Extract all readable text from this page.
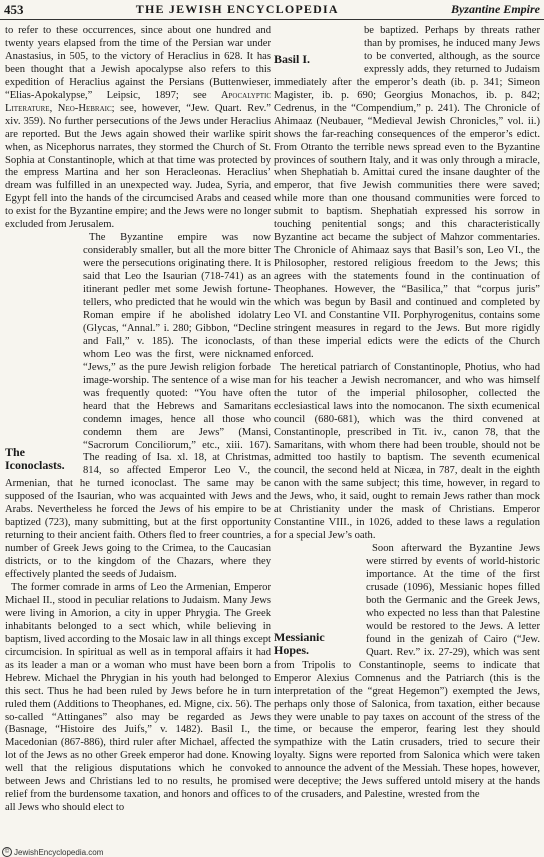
453	THE JEWISH ENCYCLOPEDIA	Byzantine Empire

to refer to these occurrences, since about one hundred and twenty years elapsed from the time of the Persian war under Anastasius, in 505, to the victory of Heraclius in 628. It has been thought that a Jewish apocalypse also refers to this expedition of Heraclius against the Persians (Buttenwieser, “Elias-Apokalypse,” Leipsic, 1897; see Apocalyptic Literature, Neo-Hebraic; see, however, “Jew. Quart. Rev.” xiv. 359). No further persecutions of the Jews under Heraclius are reported. But the Jews again showed their warlike spirit when, as Nicephorus narrates, they stormed the Church of St. Sophia at Constantinople, which at that time was protected by the empress Martina and her son Heracleonas. Heraclius’ dream was fulfilled in an unexpected way. Judea, Syria, and Egypt fell into the hands of the circumcised Arabs and ceased to exist for the Byzantine empire; and the Jews were no longer excluded from Jerusalem.

The Iconoclasts.
The Byzantine empire was now considerably smaller, but all the more bitter were the persecutions originating there. It is said that Leo the Isaurian (718-741) as an itinerant pedler met some Jewish fortune-tellers, who predicted that he would win the Roman empire if he abolished idolatry (Glycas, “Annal.” i. 280; Gibbon, “Decline and Fall,” v. 185). The iconoclasts, of whom Leo was the first, were nicknamed “Jews,” as the pure Jewish religion forbade image-worship. The sentence of a wise man was frequently quoted: “You have often heard that the Hebrews and Samaritans condemn images, hence all those who condemn them are Jews” (Mansi, “Sacrorum Conciliorum,” etc., xiii. 167). The reading of Isa. xl. 18, at Christmas, 814, so affected Emperor Leo V., the Armenian, that he turned iconoclast. The same may be supposed of the Isaurian, who was acquainted with Jews and Arabs. Nevertheless he forced the Jews of his empire to be baptized (723), many submitting, but at the first opportunity returning to their ancient faith. Others fled to freer countries, a number of Greek Jews going to the Crimea, to the Caucasian districts, or to the kingdom of the Chazars, where they effectively planted the seeds of Judaism.

The former comrade in arms of Leo the Armenian, Emperor Michael II., stood in peculiar relations to Judaism. Many Jews were living in Amorion, a city in upper Phrygia. The Greek inhabitants belonged to a sect which, while believing in baptism, lived according to the Mosaic law in all things except circumcision. In spiritual as well as in temporal affairs it had as its leader a man or a woman who must have been born a Hebrew. Michael the Phrygian in his youth had belonged to this sect. Thus he had been ruled by Jews before he in turn ruled them (Additions to Theophanes, ed. Migne, cix. 56). The so-called “Attinganes” also may be regarded as Jews (Basnage, “Histoire des Juifs,” v. 1482). Basil I., the Macedonian (867-886), third ruler after Michael, affected the lot of the Jews as no other Greek emperor had done. Knowing well that the religious disputations which he convoked between Jews and Christians led to no results, he promised relief from the burdensome taxation, and honors and offices to all Jews who should elect to

Basil I.
be baptized. Perhaps by threats rather than by promises, he induced many Jews to be converted, although, as the source expressly adds, they returned to Judaism immediately after the emperor’s death (ib. p. 341; Simeon Magister, ib. p. 690; Georgius Monachos, ib. p. 842; Cedrenus, in the “Compendium,” p. 241). The Chronicle of Ahimaaz (Neubauer, “Medieval Jewish Chronicles,” vol. ii.) shows the far-reaching consequences of the emperor’s edict. From Otranto the terrible news spread even to the Byzantine provinces of southern Italy, and it was only through a miracle, when Shephatiah b. Amittai cured the insane daughter of the emperor, that five Jewish communities there were saved; while more than one thousand communities were forced to submit to baptism. Shephatiah expressed his sorrow in touching penitential songs; and this characteristically Byzantine act became the subject of Mahzor commentaries. The Chronicle of Ahimaaz says that Basil’s son, Leo VI., the Philosopher, restored religious freedom to the Jews; this agrees with the statements found in the continuation of Theophanes. However, the “Basilica,” that “corpus juris” which was begun by Basil and continued and completed by Leo VI. and Constantine VII. Porphyrogenitus, contains some stringent measures in regard to the Jews. But more rigidly than these imperial edicts were the edicts of the Church enforced.

The heretical patriarch of Constantinople, Photius, who had for his teacher a Jewish necromancer, and who was himself the tutor of the imperial philosopher, collected the ecclesiastical laws into the nomocanon. The sixth ecumenical council (680-681), which was the third convened at Constantinople, prescribed in Tit. iv., canon 78, that the Samaritans, with whom there had been trouble, should not be admitted too hastily to baptism. The seventh ecumenical council, the second held at Nicæa, in 787, dealt in the eighth canon with the same subject; this time, however, in regard to the Jews, who, it said, ought to remain Jews rather than mock at Christianity under the mask of Christians. Emperor Constantine VIII., in 1026, added to these laws a regulation for a special Jew’s oath.

Messianic Hopes.
Soon afterward the Byzantine Jews were stirred by events of world-historic importance. At the time of the first crusade (1096), Messianic hopes filled both the Germanic and the Greek Jews, who expected no less than that Palestine would be restored to the Jews. A letter found in the genizah of Cairo (“Jew. Quart. Rev.” ix. 27-29), which was sent from Tripolis to Constantinople, seems to indicate that Emperor Alexius Comnenus and the Patriarch (this is the interpretation of the “great Hegemon”) exempted the Jews, perhaps only those of Salonica, from taxation, either because they were unable to pay taxes on account of the stress of the time, or because the emperor, fearing lest they should sympathize with the Latin crusaders, tried to secure their loyalty. Signs were reported from Salonica which were taken to announce the advent of the Messiah. These hopes, however, were deceptive; the Jews suffered untold misery at the hands of the crusaders, and Palestine, wrested from the

© JewishEncyclopedia.com
